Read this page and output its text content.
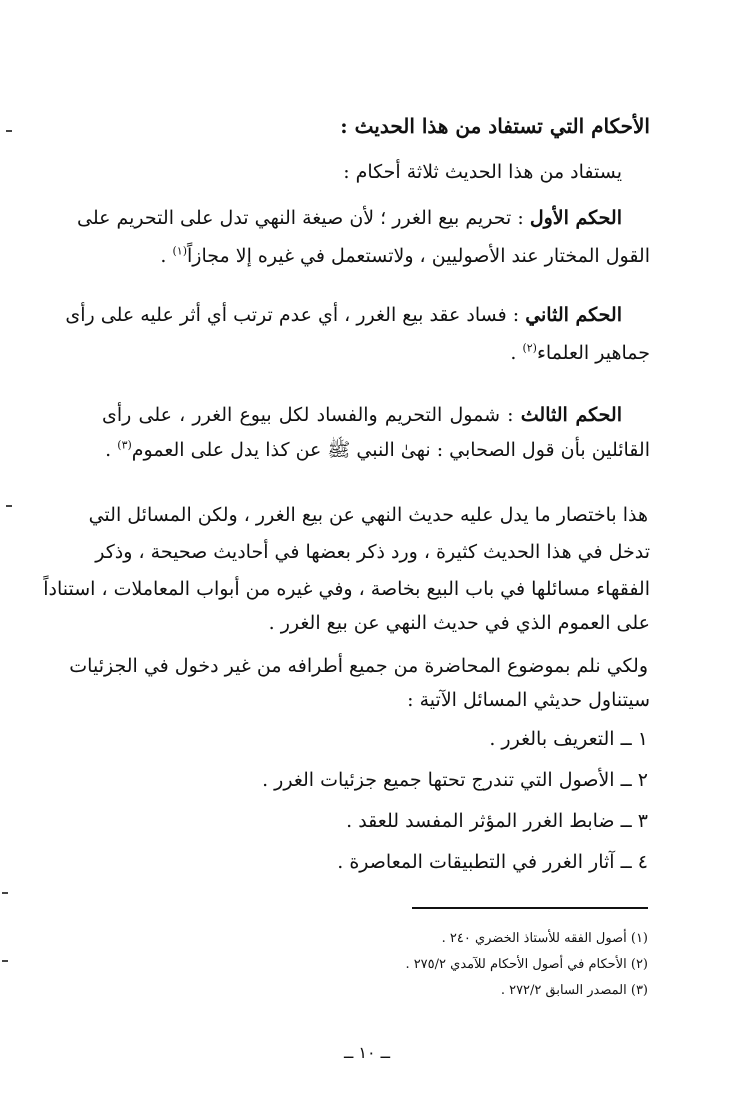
الأحكام التي تستفاد من هذا الحديث :
يستفاد من هذا الحديث ثلاثة أحكام :
الحكم الأول : تحريم بيع الغرر ؛ لأن صيغة النهي تدل على التحريم على
القول المختار عند الأصوليين ، ولاتستعمل في غيره إلا مجازاً$^{(١)}$ .
الحكم الثاني : فساد عقد بيع الغرر ، أي عدم ترتب أي أثر عليه على رأى
جماهير العلماء$^{(٢)}$ .
الحكم الثالث : شمول التحريم والفساد لكل بيوع الغرر ، على رأى
القائلين بأن قول الصحابي : نهىٰ النبي ﷺ عن كذا يدل على العموم$^{(٣)}$ .
هذا باختصار ما يدل عليه حديث النهي عن بيع الغرر ، ولكن المسائل التي
تدخل في هذا الحديث كثيرة ، ورد ذكر بعضها في أحاديث صحيحة ، وذكر
الفقهاء مسائلها في باب البيع بخاصة ، وفي غيره من أبواب المعاملات ، استناداً
على العموم الذي في حديث النهي عن بيع الغرر .
ولكي نلم بموضوع المحاضرة من جميع أطرافه من غير دخول في الجزئيات
سيتناول حديثي المسائل الآتية :
١ ــ التعريف بالغرر .
٢ ــ الأصول التي تندرج تحتها جميع جزئيات الغرر .
٣ ــ ضابط الغرر المؤثر المفسد للعقد .
٤ ــ آثار الغرر في التطبيقات المعاصرة .
(١) أصول الفقه للأستاذ الخضري ٢٤٠ .
(٢) الأحكام في أصول الأحكام للآمدي ٢٧٥/٢ .
(٣) المصدر السابق ٢٧٢/٢ .
ــ ١٠ ــ
